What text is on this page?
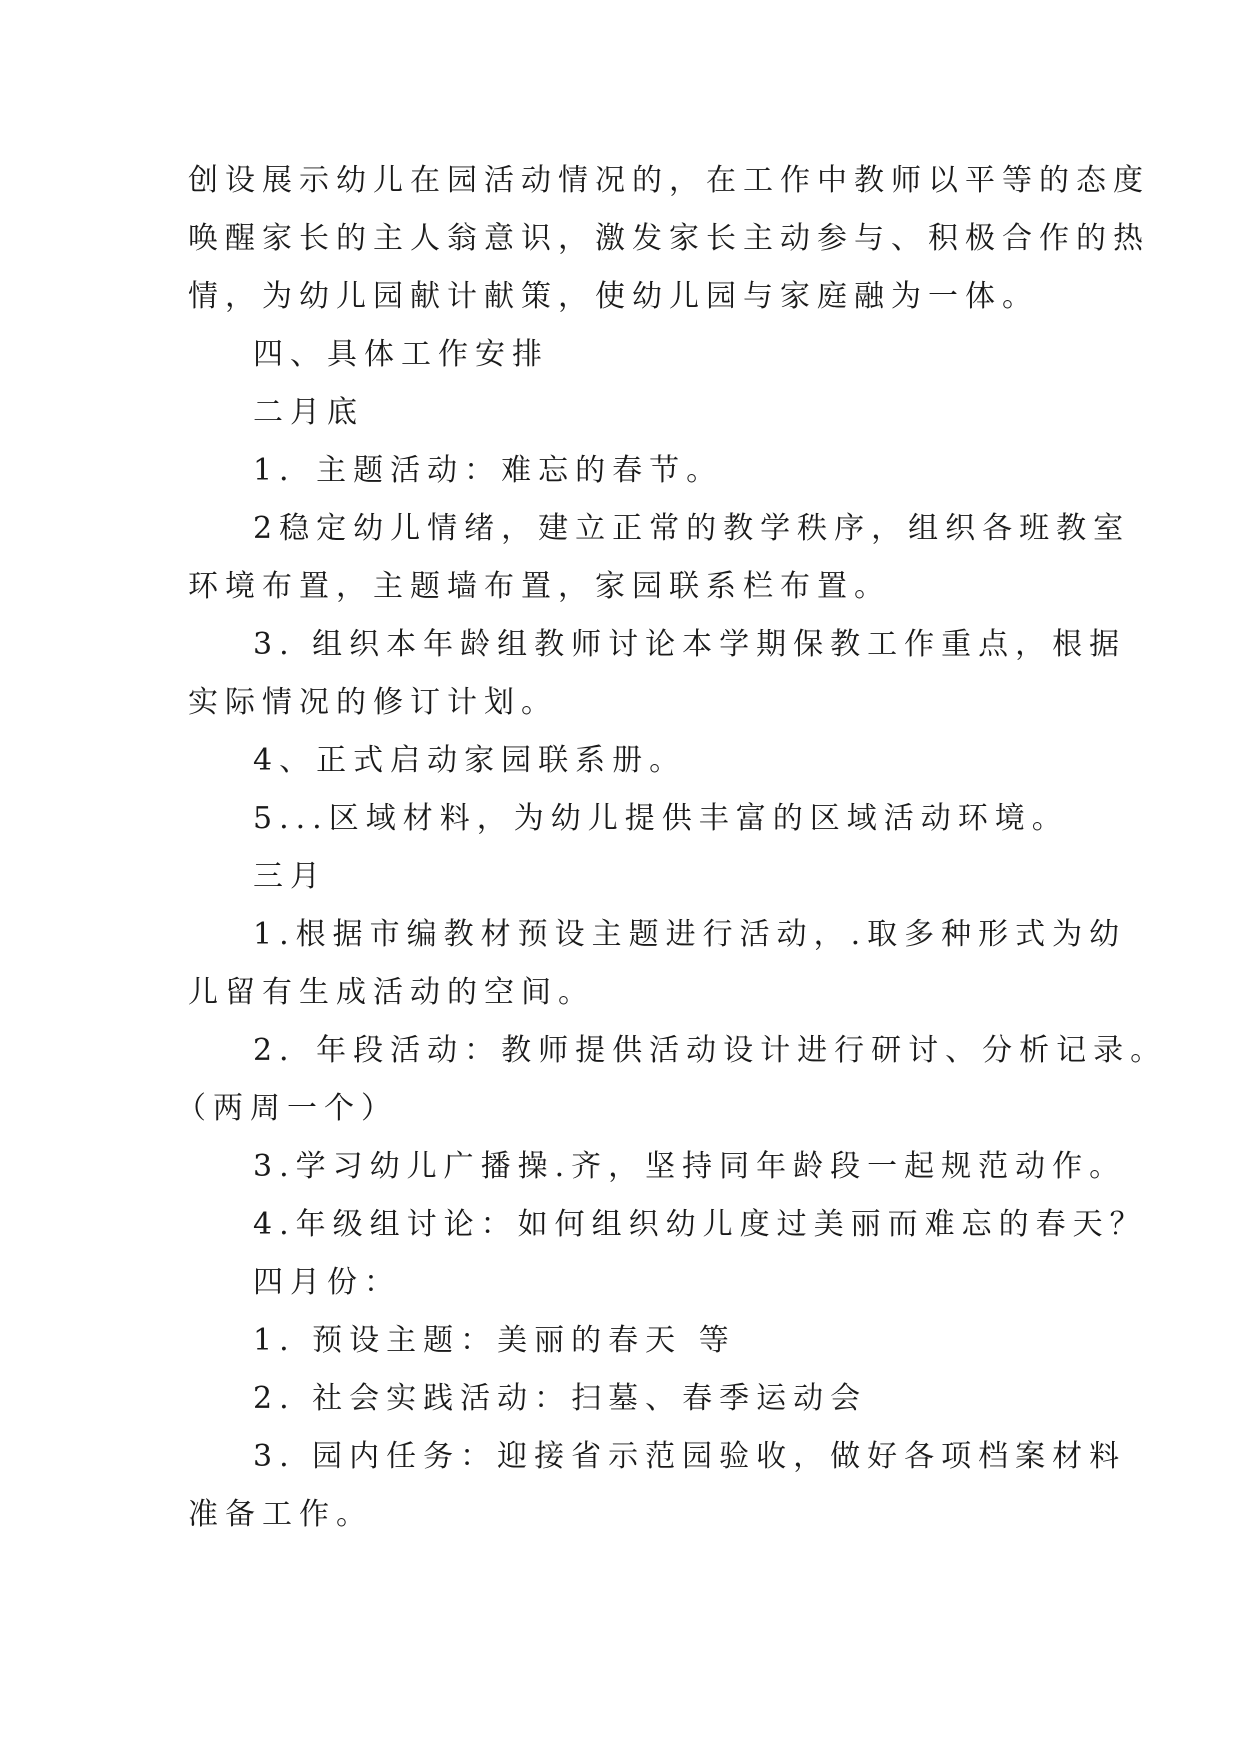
创设展示幼儿在园活动情况的，在工作中教师以平等的态度
唤醒家长的主人翁意识，激发家长主动参与、积极合作的热
情，为幼儿园献计献策，使幼儿园与家庭融为一体。
四、具体工作安排
二月底
1．主题活动：难忘的春节。
2稳定幼儿情绪，建立正常的教学秩序，组织各班教室
环境布置，主题墙布置，家园联系栏布置。
3. 组织本年龄组教师讨论本学期保教工作重点，根据
实际情况的修订计划。
4、正式启动家园联系册。
5...区域材料，为幼儿提供丰富的区域活动环境。
三月
1.根据市编教材预设主题进行活动，.取多种形式为幼
儿留有生成活动的空间。
2．年段活动：教师提供活动设计进行研讨、分析记录。
（两周一个）
3.学习幼儿广播操.齐，坚持同年龄段一起规范动作。
4.年级组讨论：如何组织幼儿度过美丽而难忘的春天？
四月份：
1. 预设主题：美丽的春天 等
2. 社会实践活动：扫墓、春季运动会
3. 园内任务：迎接省示范园验收，做好各项档案材料
准备工作。
